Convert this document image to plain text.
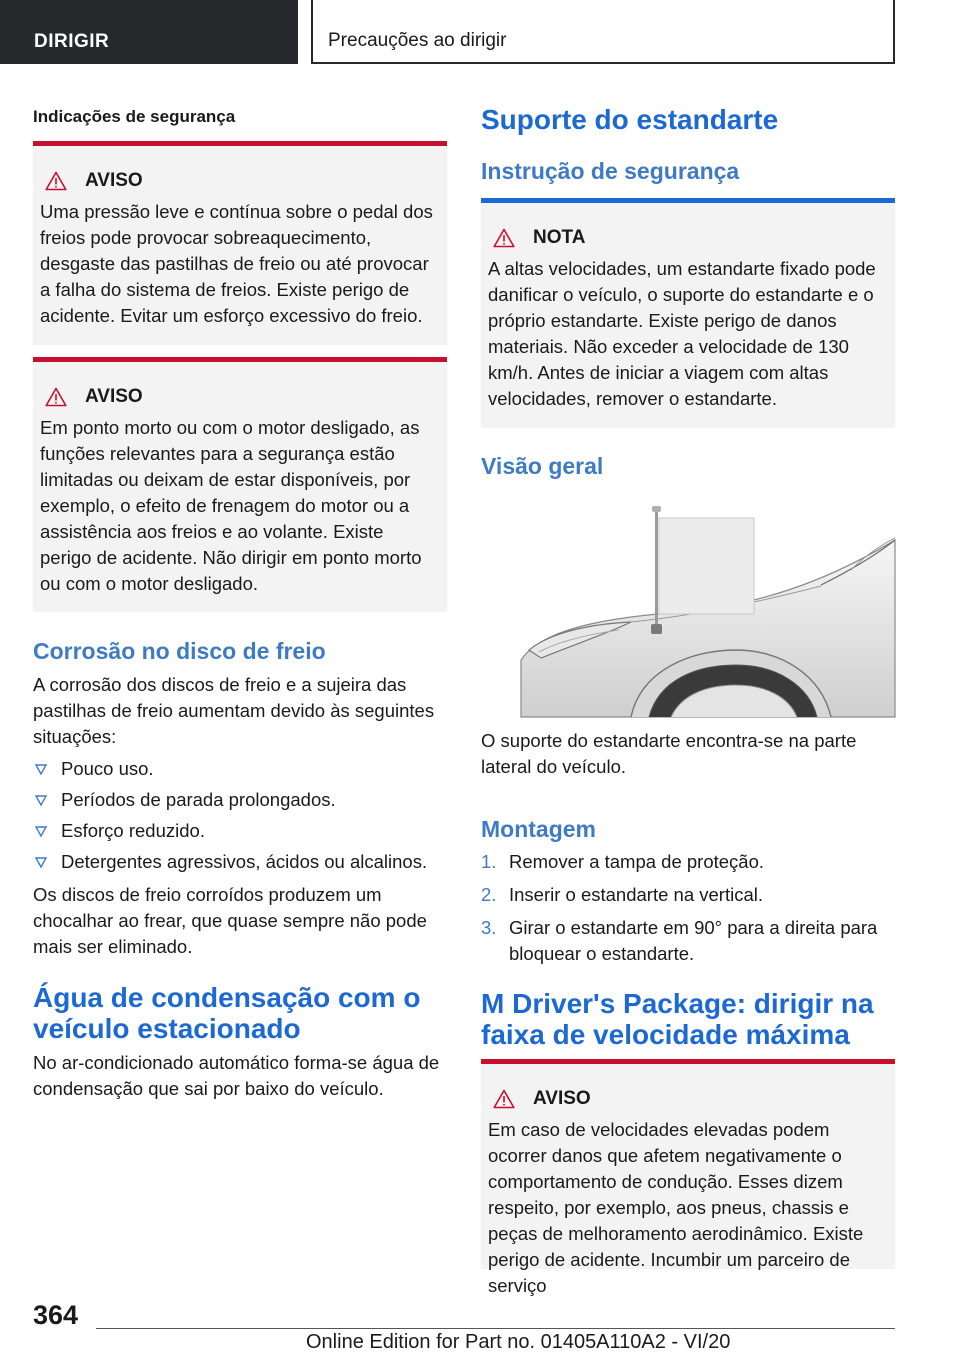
DIRIGIR	Precauções ao dirigir
Indicações de segurança
AVISO
Uma pressão leve e contínua sobre o pedal dos freios pode provocar sobreaquecimento, desgaste das pastilhas de freio ou até provocar a falha do sistema de freios. Existe perigo de acidente. Evitar um esforço excessivo do freio.
AVISO
Em ponto morto ou com o motor desligado, as funções relevantes para a segurança estão limitadas ou deixam de estar disponíveis, por exemplo, o efeito de frenagem do motor ou a assistência aos freios e ao volante. Existe perigo de acidente. Não dirigir em ponto morto ou com o motor desligado.
Corrosão no disco de freio
A corrosão dos discos de freio e a sujeira das pastilhas de freio aumentam devido às seguintes situações:
Pouco uso.
Períodos de parada prolongados.
Esforço reduzido.
Detergentes agressivos, ácidos ou alcalinos.
Os discos de freio corroídos produzem um chocalhar ao frear, que quase sempre não pode mais ser eliminado.
Água de condensação com o veículo estacionado
No ar-condicionado automático forma-se água de condensação que sai por baixo do veículo.
Suporte do estandarte
Instrução de segurança
NOTA
A altas velocidades, um estandarte fixado pode danificar o veículo, o suporte do estandarte e o próprio estandarte. Existe perigo de danos materiais. Não exceder a velocidade de 130 km/h. Antes de iniciar a viagem com altas velocidades, remover o estandarte.
Visão geral
O suporte do estandarte encontra-se na parte lateral do veículo.
Montagem
1. Remover a tampa de proteção.
2. Inserir o estandarte na vertical.
3. Girar o estandarte em 90° para a direita para bloquear o estandarte.
M Driver's Package: dirigir na faixa de velocidade máxima
AVISO
Em caso de velocidades elevadas podem ocorrer danos que afetem negativamente o comportamento de condução. Esses dizem respeito, por exemplo, aos pneus, chassis e peças de melhoramento aerodinâmico. Existe perigo de acidente. Incumbir um parceiro de serviço
364
Online Edition for Part no. 01405A110A2 - VI/20
